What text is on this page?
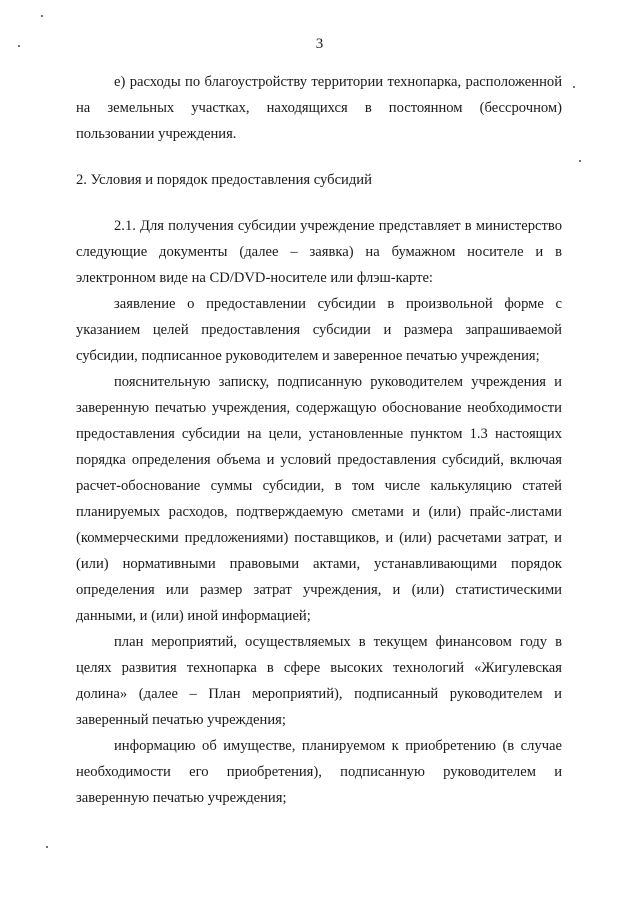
3

е) расходы по благоустройству территории технопарка, расположенной на земельных участках, находящихся в постоянном (бессрочном) пользовании учреждения.

2. Условия и порядок предоставления субсидий

2.1. Для получения субсидии учреждение представляет в министерство следующие документы (далее – заявка) на бумажном носителе и в электронном виде на CD/DVD-носителе или флэш-карте:

заявление о предоставлении субсидии в произвольной форме с указанием целей предоставления субсидии и размера запрашиваемой субсидии, подписанное руководителем и заверенное печатью учреждения;

пояснительную записку, подписанную руководителем учреждения и заверенную печатью учреждения, содержащую обоснование необходимости предоставления субсидии на цели, установленные пунктом 1.3 настоящих порядка определения объема и условий предоставления субсидий, включая расчет-обоснование суммы субсидии, в том числе калькуляцию статей планируемых расходов, подтверждаемую сметами и (или) прайс-листами (коммерческими предложениями) поставщиков, и (или) расчетами затрат, и (или) нормативными правовыми актами, устанавливающими порядок определения или размер затрат учреждения, и (или) статистическими данными, и (или) иной информацией;

план мероприятий, осуществляемых в текущем финансовом году в целях развития технопарка в сфере высоких технологий «Жигулевская долина» (далее – План мероприятий), подписанный руководителем и заверенный печатью учреждения;

информацию об имуществе, планируемом к приобретению (в случае необходимости его приобретения), подписанную руководителем и заверенную печатью учреждения;
